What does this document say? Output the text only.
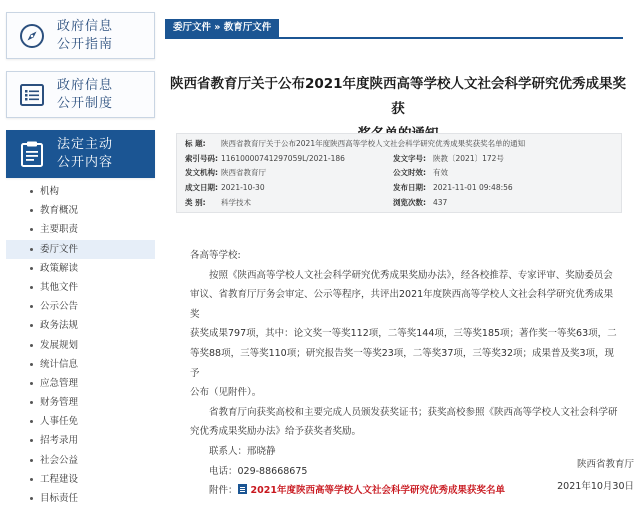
政府信息公开指南
政府信息公开制度
法定主动公开内容
机构
教育概况
主要职责
委厅文件
政策解读
其他文件
公示公告
政务法规
发展规划
统计信息
应急管理
财务管理
人事任免
招考录用
社会公益
工程建设
目标责任
委厅文件 » 教育厅文件
陕西省教育厅关于公布2021年度陕西高等学校人文社会科学研究优秀成果奖获
标 题: 陕西省教育厅关于公布2021年度陕西高等学校人文社会科学研究优秀成果奖获奖名单的通知
索引号码: 11610000741297059L/2021-186	发文字号: 陕教〔2021〕172号
发文机构: 陕西省教育厅	公文时效: 有效
成文日期: 2021-10-30	发布日期: 2021-11-01 09:48:56
类 别: 科学技术	浏览次数: 437

各高等学校:

按照《陕西高等学校人文社会科学研究优秀成果奖励办法》，经各校推荐、专家评审、奖励委员会

审议、省教育厅厅务会审定、公示等程序，共评出2021年度陕西高等学校人文社会科学研究优秀成果奖

获奖成果797项，其中：论文奖一等奖112项，二等奖144项，三等奖185项；著作奖一等奖63项，二

等奖88项，三等奖110项；研究报告奖一等奖23项，二等奖37项，三等奖32项；成果普及奖3项，现予

公布（见附件）。

省教育厅向获奖高校和主要完成人员颁发获奖证书；获奖高校参照《陕西高等学校人文社会科学研

究优秀成果奖励办法》给予获奖者奖励。

联系人：邢晓静

电话：029-88668675

附件： 2021年度陕西高等学校人文社会科学研究优秀成果获奖名单

陕西省教育厅
2021年10月30日
